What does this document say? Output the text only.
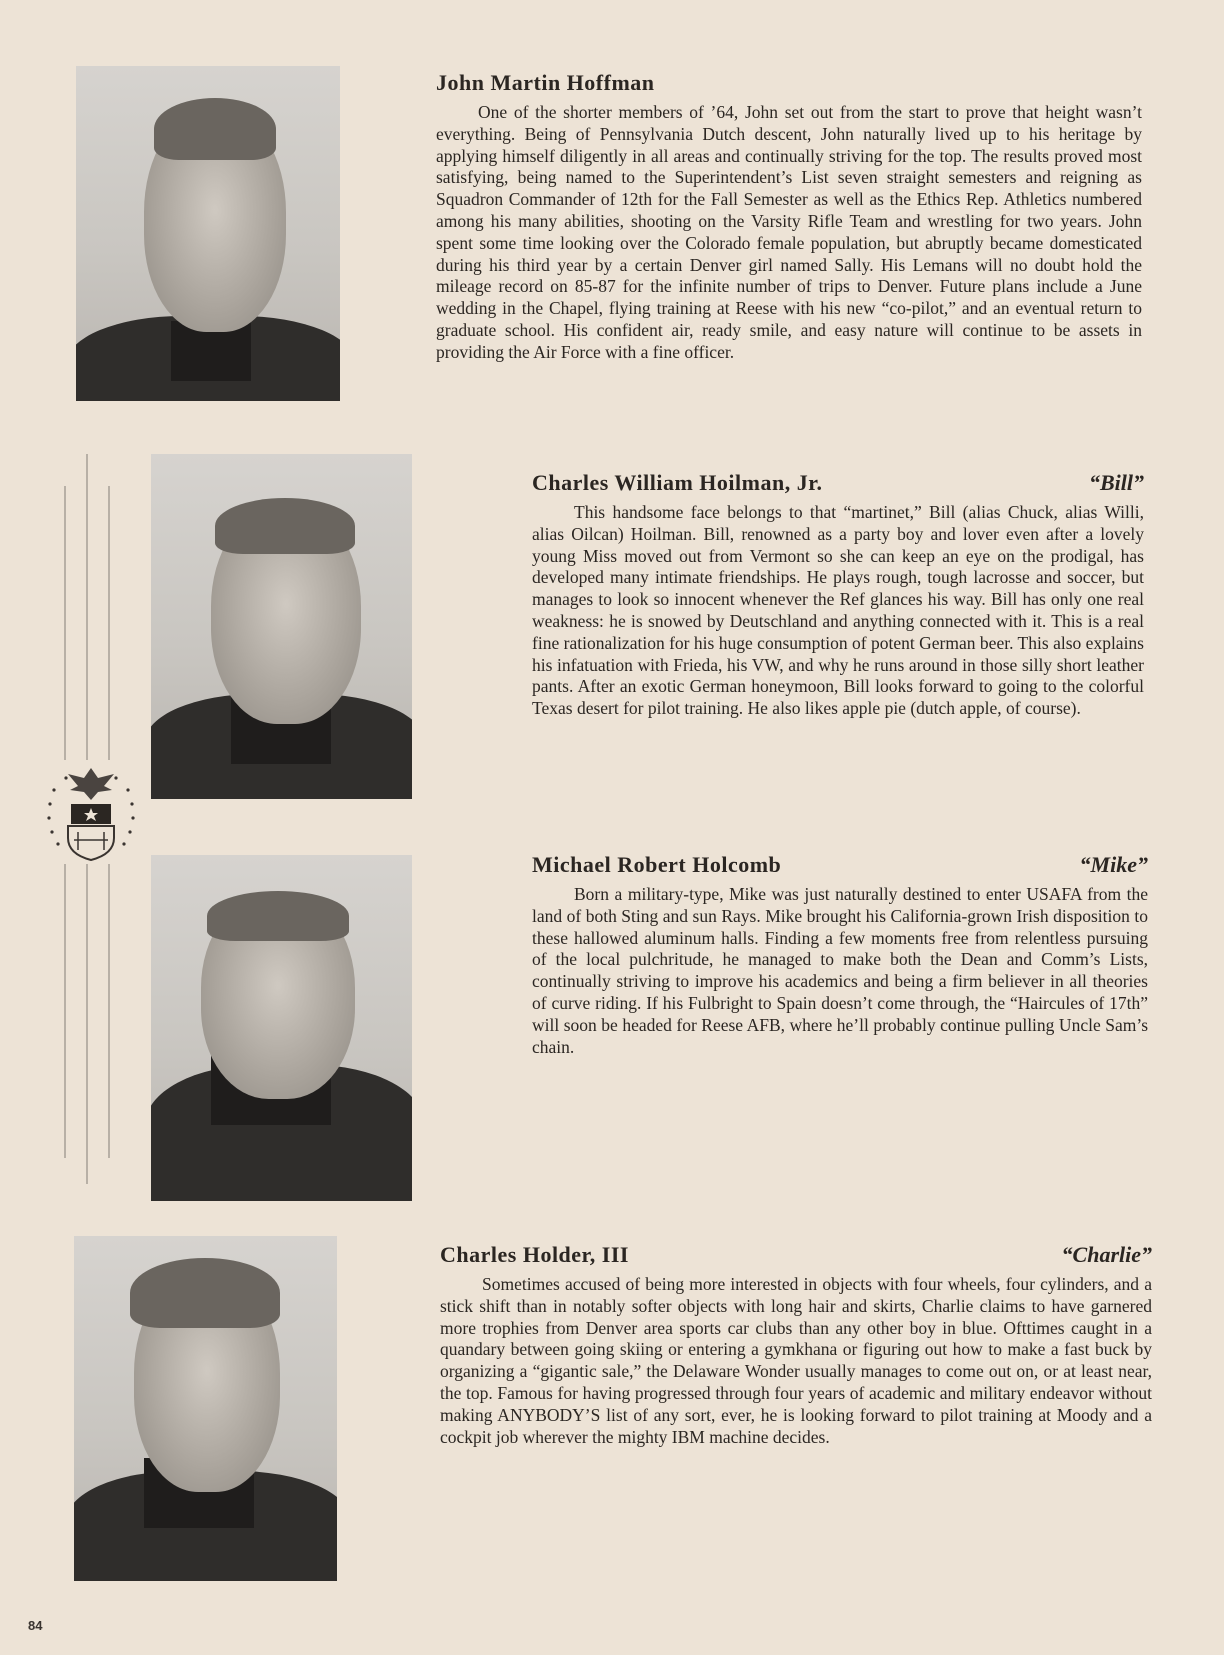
John Martin Hoffman

One of the shorter members of ’64, John set out from the start to prove that height wasn’t everything. Being of Pennsylvania Dutch descent, John naturally lived up to his heritage by applying himself diligently in all areas and continually striving for the top. The results proved most satisfying, being named to the Superintendent’s List seven straight semesters and reigning as Squadron Commander of 12th for the Fall Semester as well as the Ethics Rep. Athletics numbered among his many abilities, shooting on the Varsity Rifle Team and wrestling for two years. John spent some time looking over the Colorado female population, but abruptly became domesticated during his third year by a certain Denver girl named Sally. His Lemans will no doubt hold the mileage record on 85-87 for the infinite number of trips to Denver. Future plans include a June wedding in the Chapel, flying training at Reese with his new “co-pilot,” and an eventual return to graduate school. His confident air, ready smile, and easy nature will continue to be assets in providing the Air Force with a fine officer.

Charles William Hoilman, Jr.	“Bill”

This handsome face belongs to that “martinet,” Bill (alias Chuck, alias Willi, alias Oilcan) Hoilman. Bill, renowned as a party boy and lover even after a lovely young Miss moved out from Vermont so she can keep an eye on the prodigal, has developed many intimate friendships. He plays rough, tough lacrosse and soccer, but manages to look so innocent whenever the Ref glances his way. Bill has only one real weakness: he is snowed by Deutschland and anything connected with it. This is a real fine rationalization for his huge consumption of potent German beer. This also explains his infatuation with Frieda, his VW, and why he runs around in those silly short leather pants. After an exotic German honeymoon, Bill looks forward to going to the colorful Texas desert for pilot training. He also likes apple pie (dutch apple, of course).

Michael Robert Holcomb	“Mike”

Born a military-type, Mike was just naturally destined to enter USAFA from the land of both Sting and sun Rays. Mike brought his California-grown Irish disposition to these hallowed aluminum halls. Finding a few moments free from relentless pursuing of the local pulchritude, he managed to make both the Dean and Comm’s Lists, continually striving to improve his academics and being a firm believer in all theories of curve riding. If his Fulbright to Spain doesn’t come through, the “Haircules of 17th” will soon be headed for Reese AFB, where he’ll probably continue pulling Uncle Sam’s chain.

Charles Holder, III	“Charlie”

Sometimes accused of being more interested in objects with four wheels, four cylinders, and a stick shift than in notably softer objects with long hair and skirts, Charlie claims to have garnered more trophies from Denver area sports car clubs than any other boy in blue. Ofttimes caught in a quandary between going skiing or entering a gymkhana or figuring out how to make a fast buck by organizing a “gigantic sale,” the Delaware Wonder usually manages to come out on, or at least near, the top. Famous for having progressed through four years of academic and military endeavor without making ANYBODY’S list of any sort, ever, he is looking forward to pilot training at Moody and a cockpit job wherever the mighty IBM machine decides.

84
